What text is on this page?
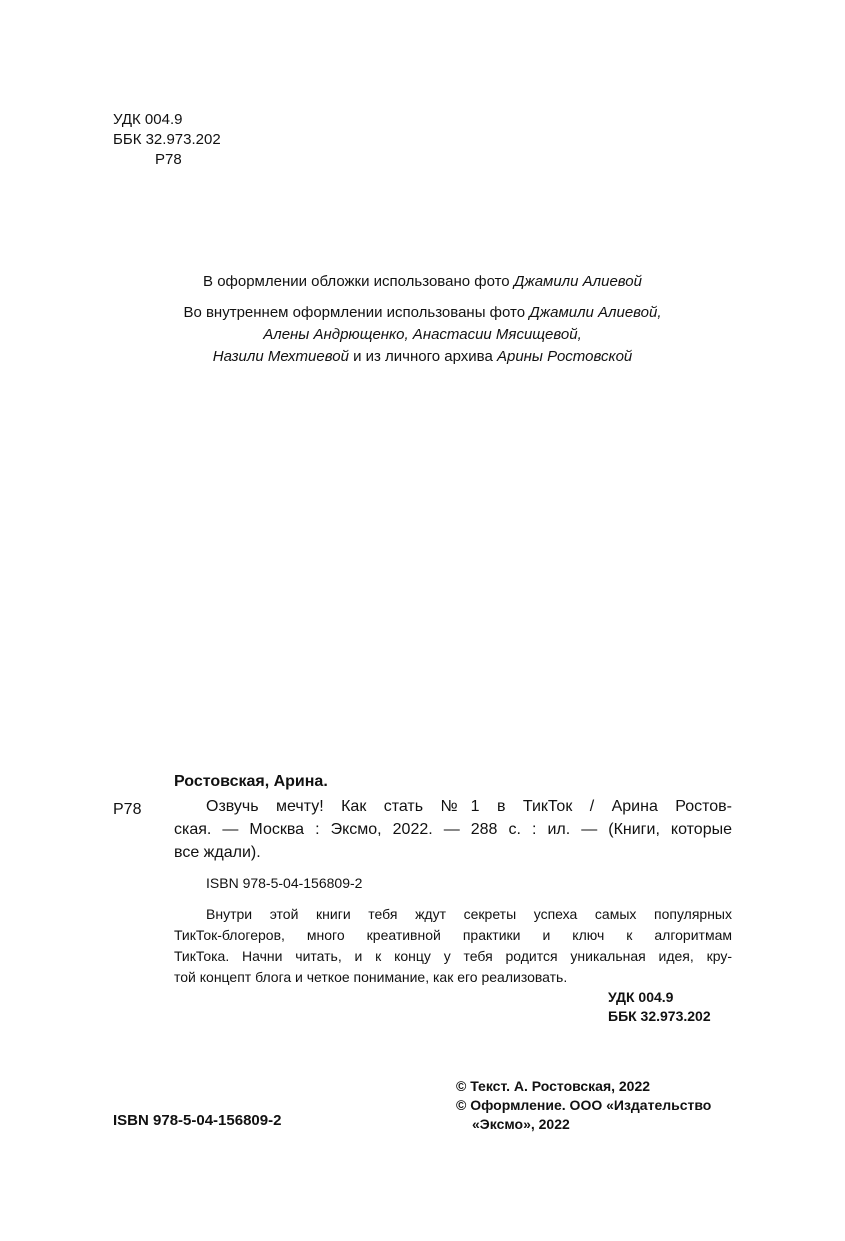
УДК 004.9
ББК 32.973.202
Р78
В оформлении обложки использовано фото Джамили Алиевой
Во внутреннем оформлении использованы фото Джамили Алиевой,
Алены Андрющенко, Анастасии Мясищевой,
Назили Мехтиевой и из личного архива Арины Ростовской
Ростовская, Арина.
Р78	Озвучь мечту! Как стать №1 в ТикТок / Арина Ростов-
ская. — Москва : Эксмо, 2022. — 288 с. : ил. — (Книги, которые
все ждали).
ISBN 978-5-04-156809-2
Внутри этой книги тебя ждут секреты успеха самых популярных
ТикТок-блогеров, много креативной практики и ключ к алгоритмам
ТикТока. Начни читать, и к концу у тебя родится уникальная идея, кру-
той концепт блога и четкое понимание, как его реализовать.
УДК 004.9
ББК 32.973.202
ISBN 978-5-04-156809-2
© Текст. А. Ростовская, 2022
© Оформление. ООО «Издательство
«Эксмо», 2022
